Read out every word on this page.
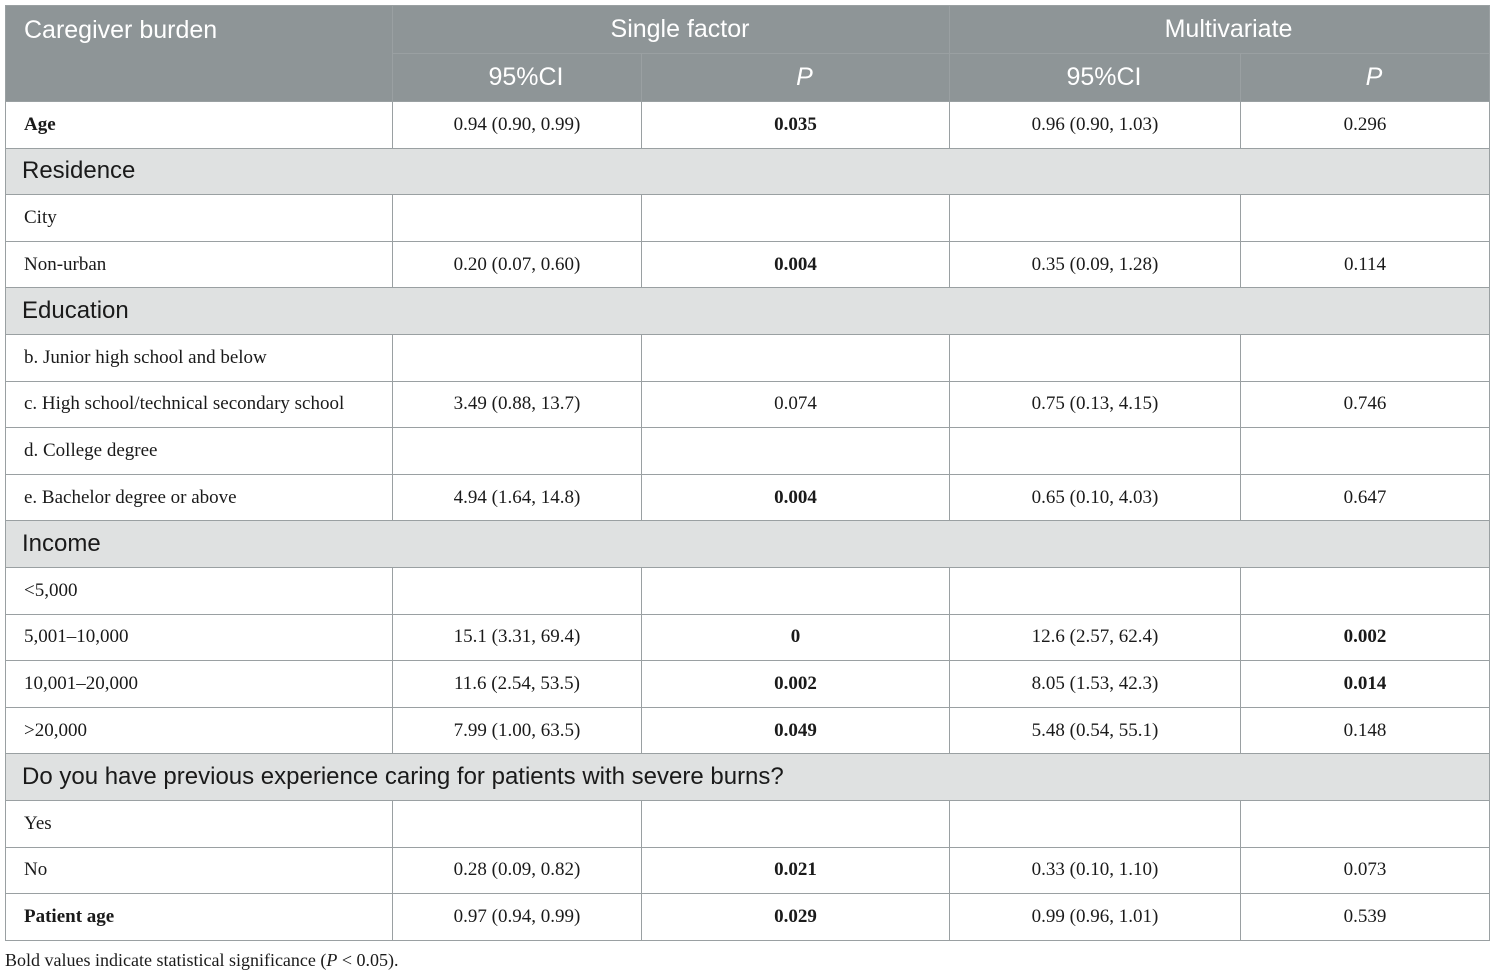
Caregiver burden	Single factor		Multivariate	
	95%CI	P	95%CI	P
Age	0.94 (0.90, 0.99)	0.035	0.96 (0.90, 1.03)	0.296
Residence				
City				
Non-urban	0.20 (0.07, 0.60)	0.004	0.35 (0.09, 1.28)	0.114
Education				
b. Junior high school and below				
c. High school/technical secondary school	3.49 (0.88, 13.7)	0.074	0.75 (0.13, 4.15)	0.746
d. College degree				
e. Bachelor degree or above	4.94 (1.64, 14.8)	0.004	0.65 (0.10, 4.03)	0.647
Income				
<5,000				
5,001–10,000	15.1 (3.31, 69.4)	0	12.6 (2.57, 62.4)	0.002
10,001–20,000	11.6 (2.54, 53.5)	0.002	8.05 (1.53, 42.3)	0.014
>20,000	7.99 (1.00, 63.5)	0.049	5.48 (0.54, 55.1)	0.148
Do you have previous experience caring for patients with severe burns?				
Yes				
No	0.28 (0.09, 0.82)	0.021	0.33 (0.10, 1.10)	0.073
Patient age	0.97 (0.94, 0.99)	0.029	0.99 (0.96, 1.01)	0.539
Bold values indicate statistical significance (P < 0.05).
